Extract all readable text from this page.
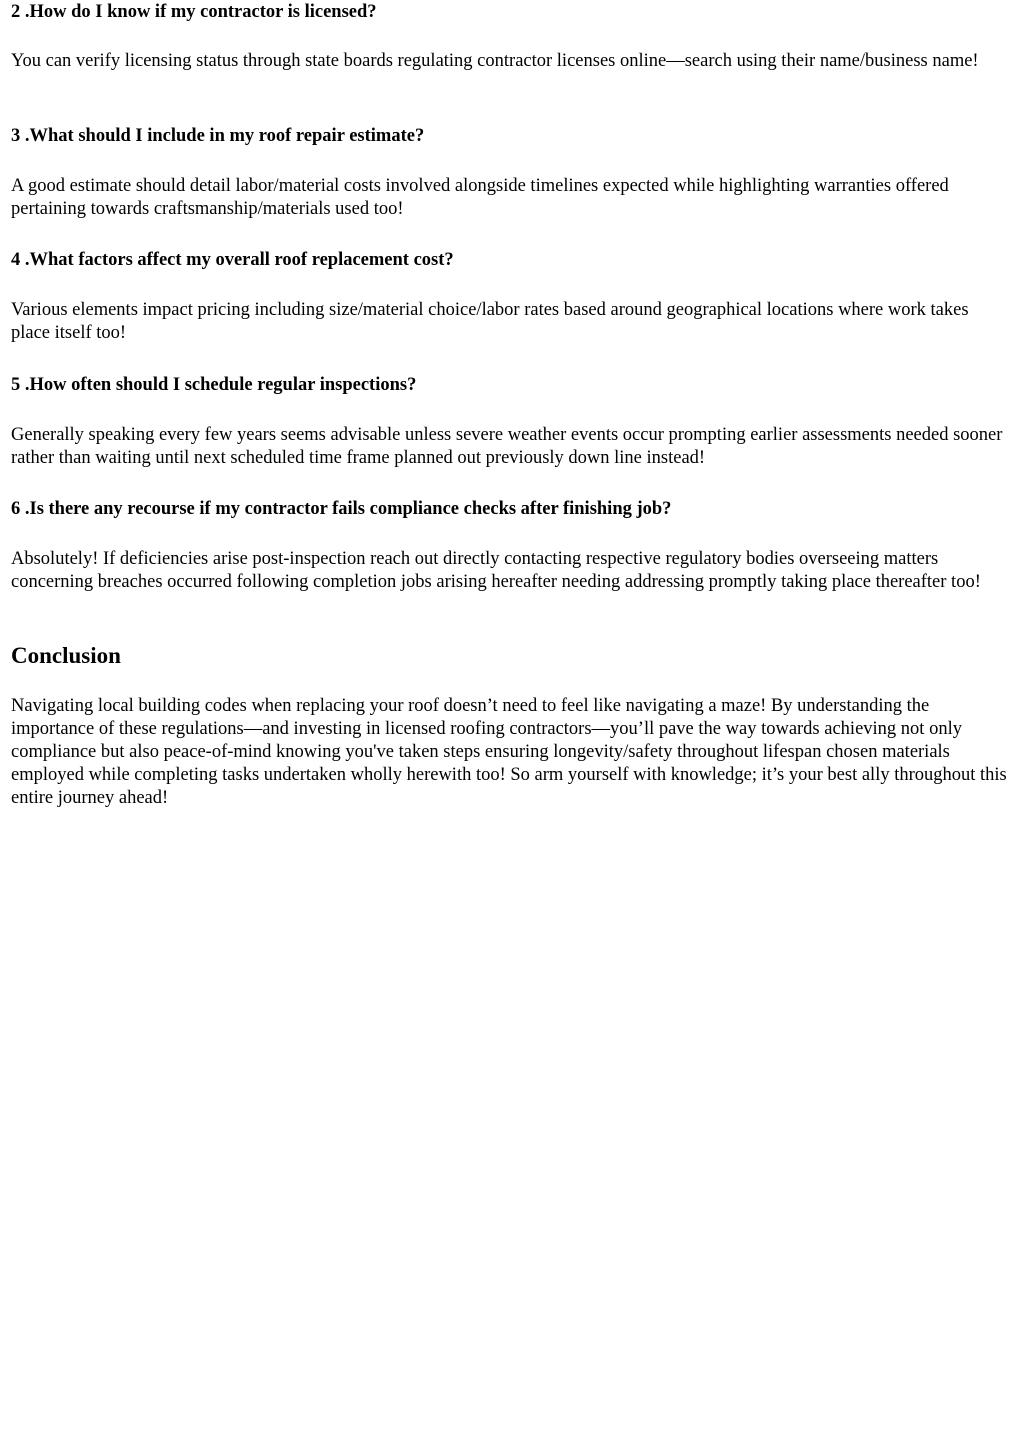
2 .How do I know if my contractor is licensed?

You can verify licensing status through state boards regulating contractor licenses online—search using their name/business name!

3 .What should I include in my roof repair estimate?

A good estimate should detail labor/material costs involved alongside timelines expected while highlighting warranties offered pertaining towards craftsmanship/materials used too!

4 .What factors affect my overall roof replacement cost?

Various elements impact pricing including size/material choice/labor rates based around geographical locations where work takes place itself too!

5 .How often should I schedule regular inspections?

Generally speaking every few years seems advisable unless severe weather events occur prompting earlier assessments needed sooner rather than waiting until next scheduled time frame planned out previously down line instead!

6 .Is there any recourse if my contractor fails compliance checks after finishing job?

Absolutely! If deficiencies arise post-inspection reach out directly contacting respective regulatory bodies overseeing matters concerning breaches occurred following completion jobs arising hereafter needing addressing promptly taking place thereafter too!

Conclusion

Navigating local building codes when replacing your roof doesn’t need to feel like navigating a maze! By understanding the importance of these regulations—and investing in licensed roofing contractors—you’ll pave the way towards achieving not only compliance but also peace-of-mind knowing you've taken steps ensuring longevity/safety throughout lifespan chosen materials employed while completing tasks undertaken wholly herewith too! So arm yourself with knowledge; it’s your best ally throughout this entire journey ahead!
